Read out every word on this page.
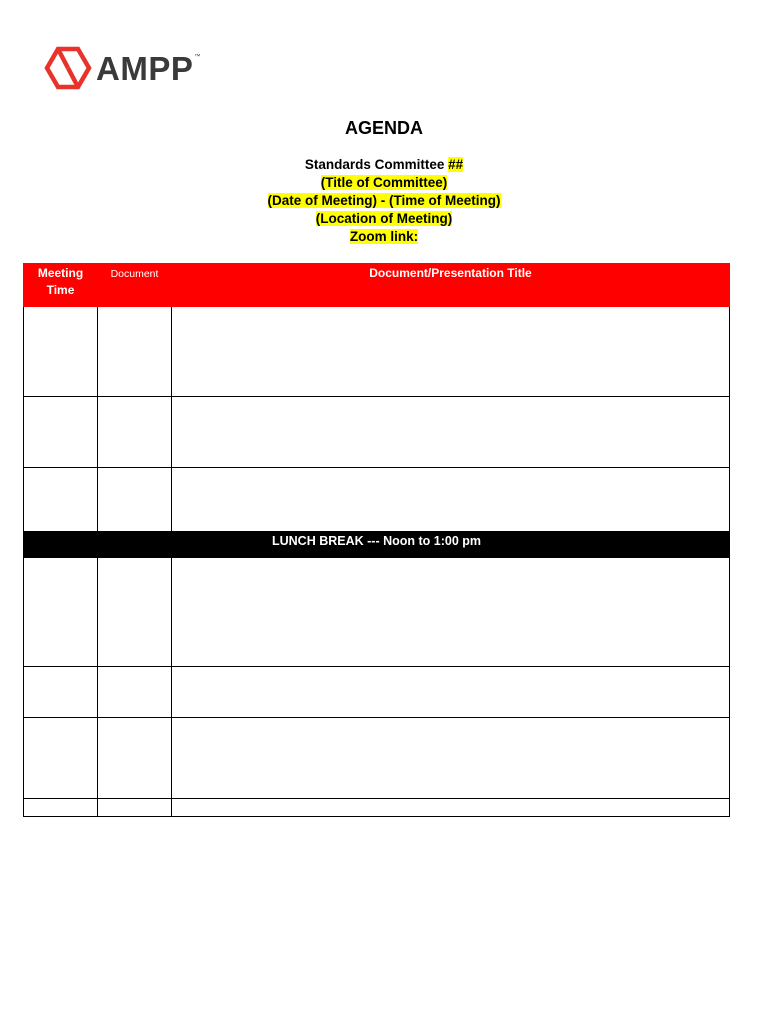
AMPP ™
AGENDA
Standards Committee ##
(Title of Committee)
(Date of Meeting) - (Time of Meeting)
(Location of Meeting)
Zoom link:
Meeting Time	Document	Document/Presentation Title

LUNCH BREAK --- Noon to 1:00 pm		
